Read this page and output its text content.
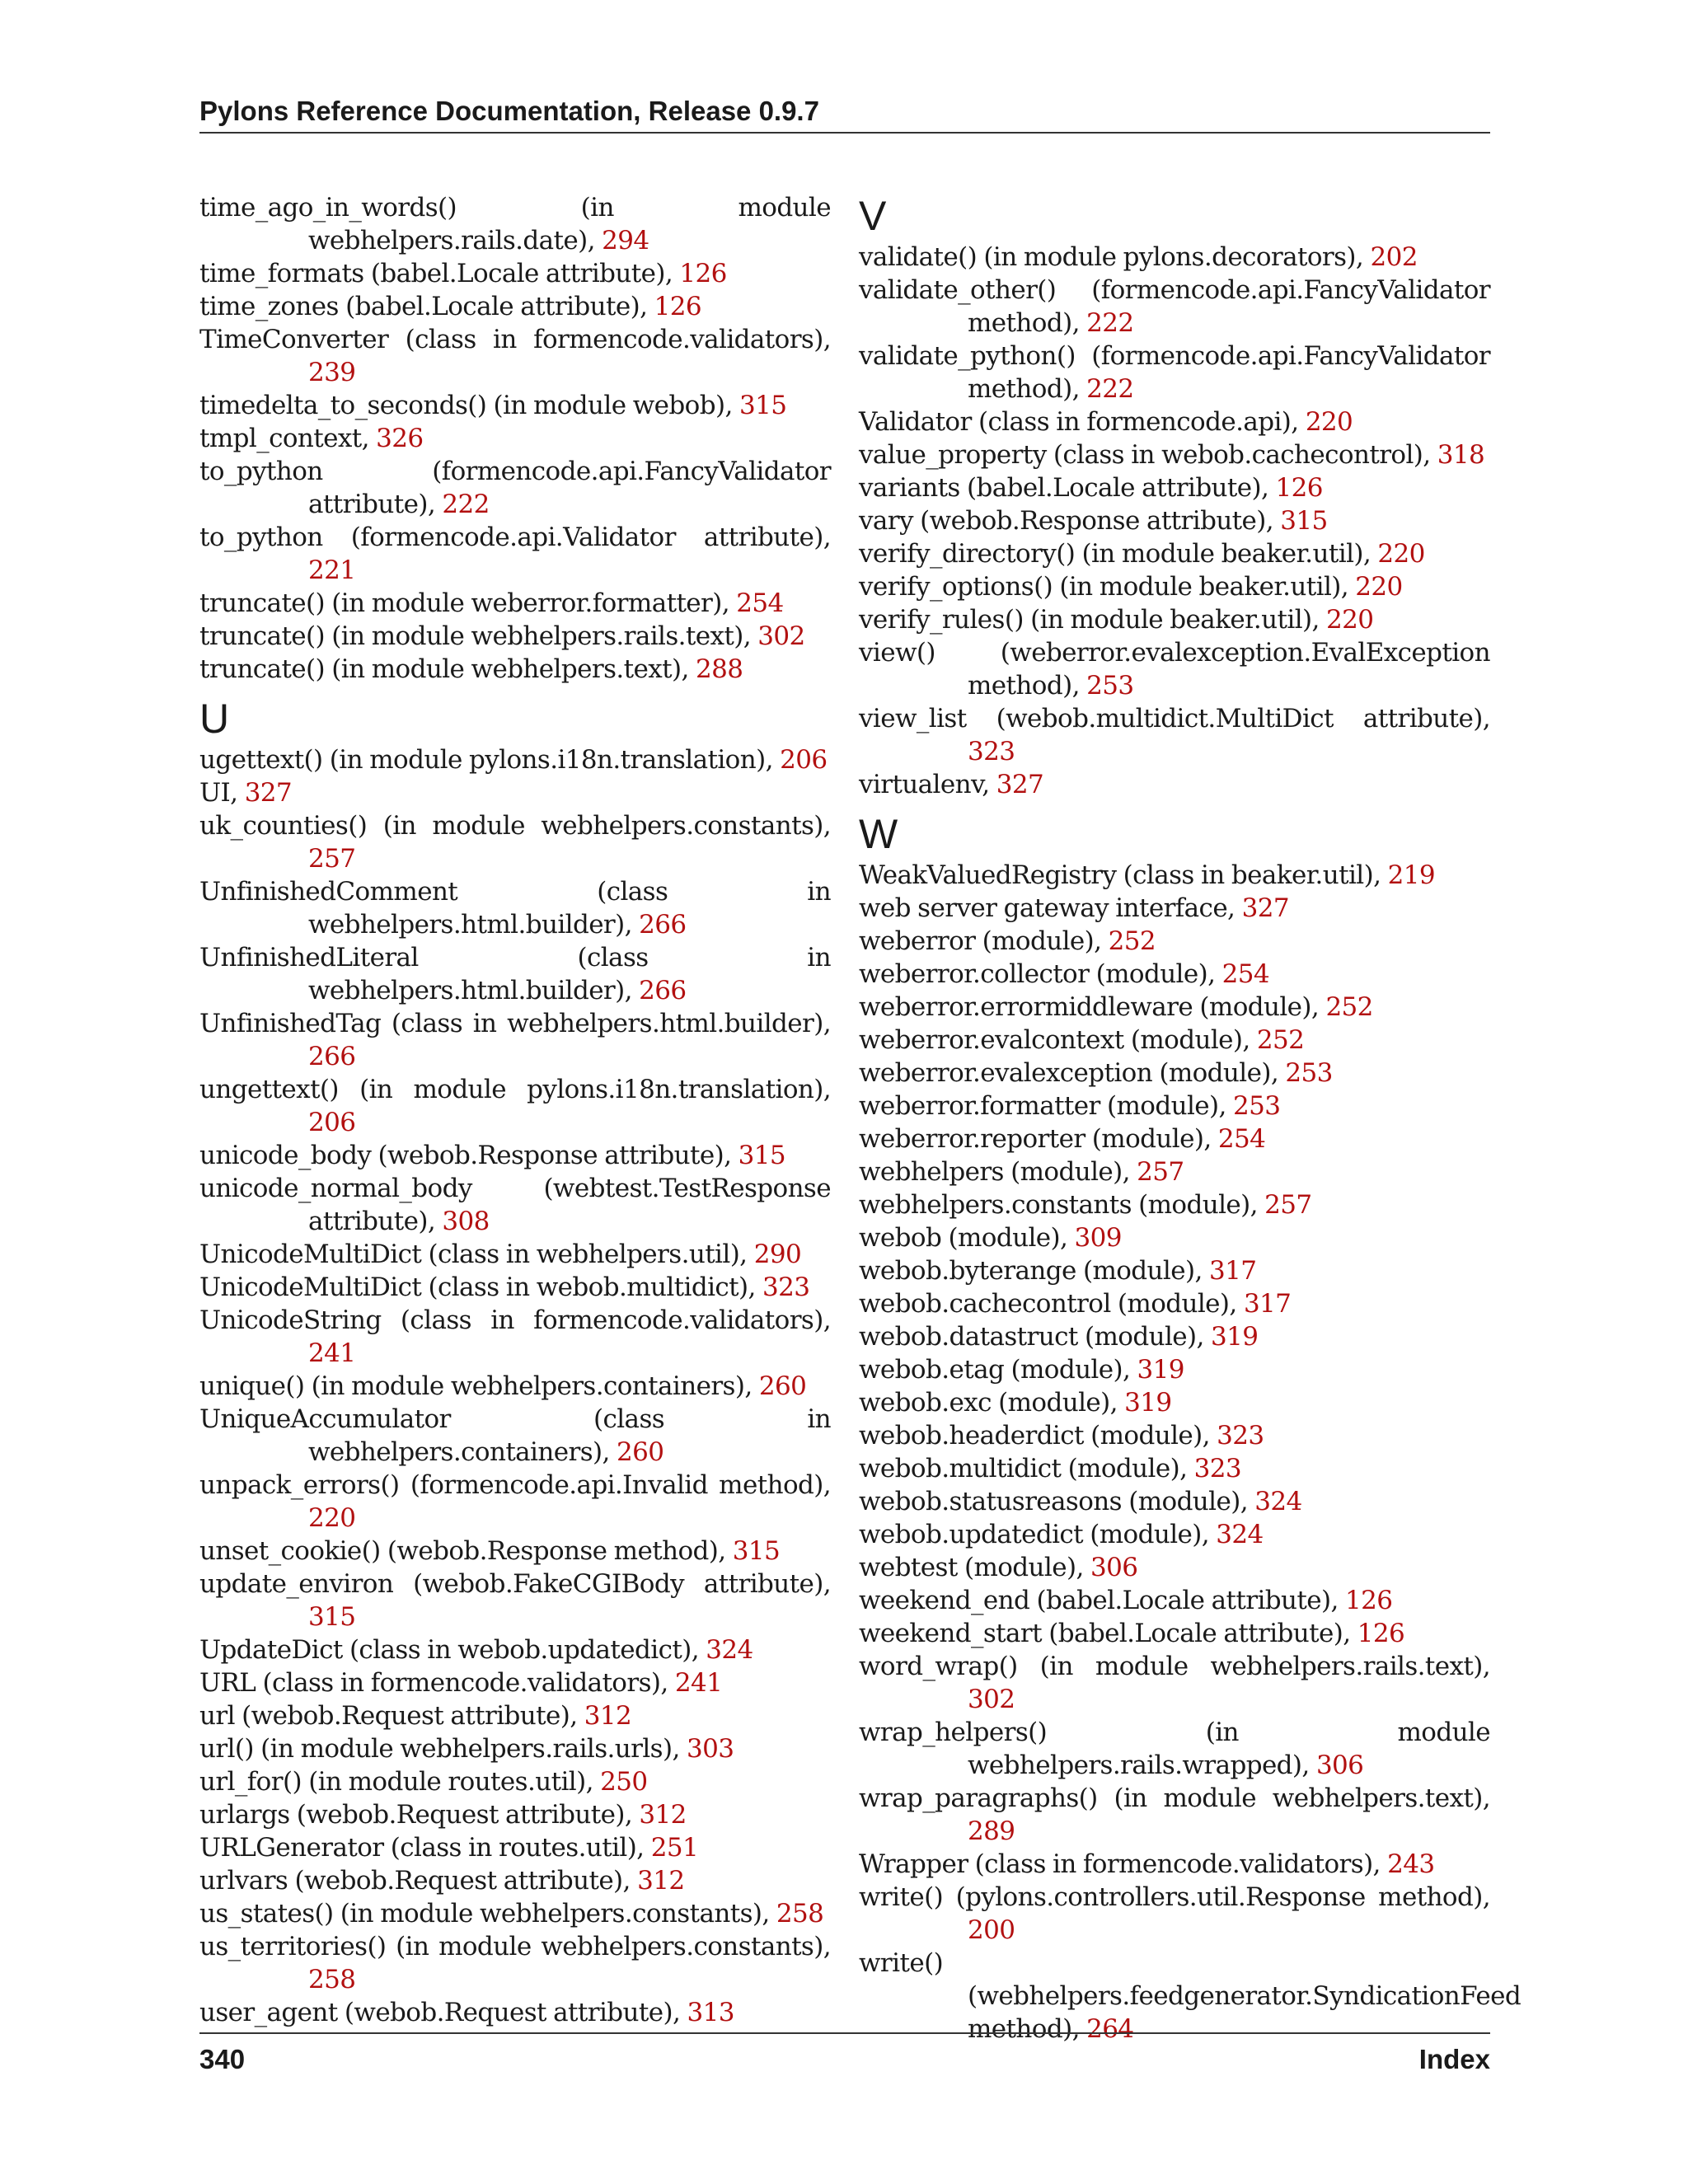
Pylons Reference Documentation, Release 0.9.7
time_ago_in_words() (in module webhelpers.rails.date), 294
time_formats (babel.Locale attribute), 126
time_zones (babel.Locale attribute), 126
TimeConverter (class in formencode.validators), 239
timedelta_to_seconds() (in module webob), 315
tmpl_context, 326
to_python (formencode.api.FancyValidator attribute), 222
to_python (formencode.api.Validator attribute), 221
truncate() (in module weberror.formatter), 254
truncate() (in module webhelpers.rails.text), 302
truncate() (in module webhelpers.text), 288
U
ugettext() (in module pylons.i18n.translation), 206
UI, 327
uk_counties() (in module webhelpers.constants), 257
UnfinishedComment (class in webhelpers.html.builder), 266
UnfinishedLiteral (class in webhelpers.html.builder), 266
UnfinishedTag (class in webhelpers.html.builder), 266
ungettext() (in module pylons.i18n.translation), 206
unicode_body (webob.Response attribute), 315
unicode_normal_body (webtest.TestResponse attribute), 308
UnicodeMultiDict (class in webhelpers.util), 290
UnicodeMultiDict (class in webob.multidict), 323
UnicodeString (class in formencode.validators), 241
unique() (in module webhelpers.containers), 260
UniqueAccumulator (class in webhelpers.containers), 260
unpack_errors() (formencode.api.Invalid method), 220
unset_cookie() (webob.Response method), 315
update_environ (webob.FakeCGIBody attribute), 315
UpdateDict (class in webob.updatedict), 324
URL (class in formencode.validators), 241
url (webob.Request attribute), 312
url() (in module webhelpers.rails.urls), 303
url_for() (in module routes.util), 250
urlargs (webob.Request attribute), 312
URLGenerator (class in routes.util), 251
urlvars (webob.Request attribute), 312
us_states() (in module webhelpers.constants), 258
us_territories() (in module webhelpers.constants), 258
user_agent (webob.Request attribute), 313
V
validate() (in module pylons.decorators), 202
validate_other() (formencode.api.FancyValidator method), 222
validate_python() (formencode.api.FancyValidator method), 222
Validator (class in formencode.api), 220
value_property (class in webob.cachecontrol), 318
variants (babel.Locale attribute), 126
vary (webob.Response attribute), 315
verify_directory() (in module beaker.util), 220
verify_options() (in module beaker.util), 220
verify_rules() (in module beaker.util), 220
view() (weberror.evalexception.EvalException method), 253
view_list (webob.multidict.MultiDict attribute), 323
virtualenv, 327
W
WeakValuedRegistry (class in beaker.util), 219
web server gateway interface, 327
weberror (module), 252
weberror.collector (module), 254
weberror.errormiddleware (module), 252
weberror.evalcontext (module), 252
weberror.evalexception (module), 253
weberror.formatter (module), 253
weberror.reporter (module), 254
webhelpers (module), 257
webhelpers.constants (module), 257
webob (module), 309
webob.byterange (module), 317
webob.cachecontrol (module), 317
webob.datastruct (module), 319
webob.etag (module), 319
webob.exc (module), 319
webob.headerdict (module), 323
webob.multidict (module), 323
webob.statusreasons (module), 324
webob.updatedict (module), 324
webtest (module), 306
weekend_end (babel.Locale attribute), 126
weekend_start (babel.Locale attribute), 126
word_wrap() (in module webhelpers.rails.text), 302
wrap_helpers() (in module webhelpers.rails.wrapped), 306
wrap_paragraphs() (in module webhelpers.text), 289
Wrapper (class in formencode.validators), 243
write() (pylons.controllers.util.Response method), 200
write() (webhelpers.feedgenerator.SyndicationFeed method), 264
340	Index
